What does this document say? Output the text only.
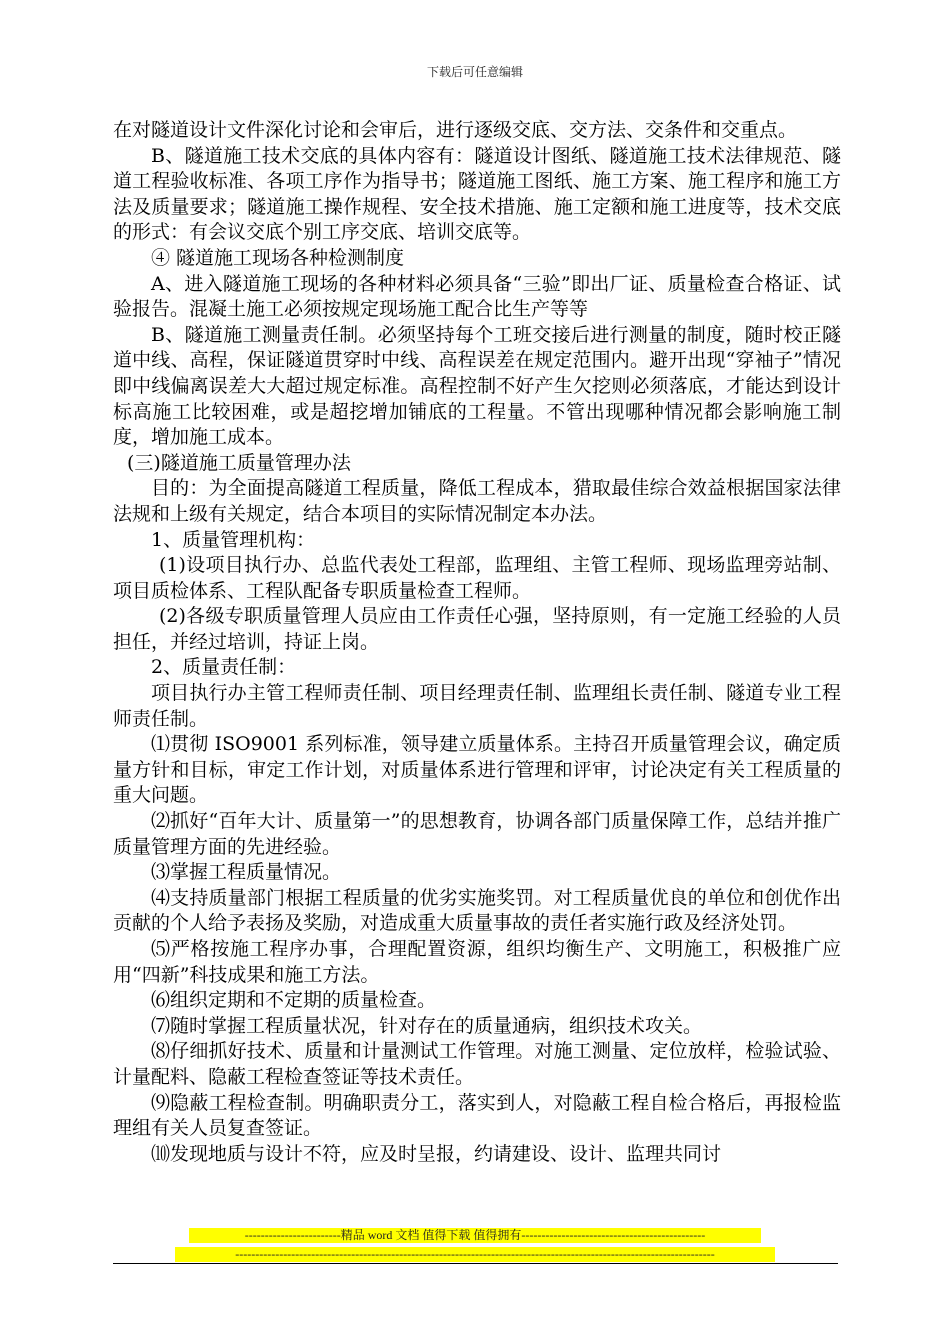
下载后可任意编辑

在对隧道设计文件深化讨论和会审后，进行逐级交底、交方法、交条件和交重点。

B、隧道施工技术交底的具体内容有：隧道设计图纸、隧道施工技术法律规范、隧道工程验收标准、各项工序作为指导书；隧道施工图纸、施工方案、施工程序和施工方法及质量要求；隧道施工操作规程、安全技术措施、施工定额和施工进度等，技术交底的形式：有会议交底个别工序交底、培训交底等。

④ 隧道施工现场各种检测制度

A、进入隧道施工现场的各种材料必须具备“三验”即出厂证、质量检查合格证、试验报告。混凝土施工必须按规定现场施工配合比生产等等

B、隧道施工测量责任制。必须坚持每个工班交接后进行测量的制度，随时校正隧道中线、高程，保证隧道贯穿时中线、高程误差在规定范围内。避开出现“穿袖子”情况即中线偏离误差大大超过规定标准。高程控制不好产生欠挖则必须落底，才能达到设计标高施工比较困难，或是超挖增加铺底的工程量。不管出现哪种情况都会影响施工制度，增加施工成本。

(三)隧道施工质量管理办法

目的：为全面提高隧道工程质量，降低工程成本，猎取最佳综合效益根据国家法律法规和上级有关规定，结合本项目的实际情况制定本办法。

1、质量管理机构：

(1)设项目执行办、总监代表处工程部，监理组、主管工程师、现场监理旁站制、项目质检体系、工程队配备专职质量检查工程师。

(2)各级专职质量管理人员应由工作责任心强，坚持原则，有一定施工经验的人员担任，并经过培训，持证上岗。

2、质量责任制：

项目执行办主管工程师责任制、项目经理责任制、监理组长责任制、隧道专业工程师责任制。

⑴贯彻 ISO9001 系列标准，领导建立质量体系。主持召开质量管理会议，确定质量方针和目标，审定工作计划，对质量体系进行管理和评审，讨论决定有关工程质量的重大问题。

⑵抓好“百年大计、质量第一”的思想教育，协调各部门质量保障工作，总结并推广质量管理方面的先进经验。

⑶掌握工程质量情况。

⑷支持质量部门根据工程质量的优劣实施奖罚。对工程质量优良的单位和创优作出贡献的个人给予表扬及奖励，对造成重大质量事故的责任者实施行政及经济处罚。

⑸严格按施工程序办事，合理配置资源，组织均衡生产、文明施工，积极推广应用“四新”科技成果和施工方法。

⑹组织定期和不定期的质量检查。

⑺随时掌握工程质量状况，针对存在的质量通病，组织技术攻关。

⑻仔细抓好技术、质量和计量测试工作管理。对施工测量、定位放样，检验试验、计量配料、隐蔽工程检查签证等技术责任。

⑼隐蔽工程检查制。明确职责分工，落实到人，对隐蔽工程自检合格后，再报检监理组有关人员复查签证。

⑽发现地质与设计不符，应及时呈报，约请建设、设计、监理共同讨

------------------------精品 word 文档 值得下载 值得拥有----------------------------------------------
------------------------------------------------------------------------------------------------------------------------
